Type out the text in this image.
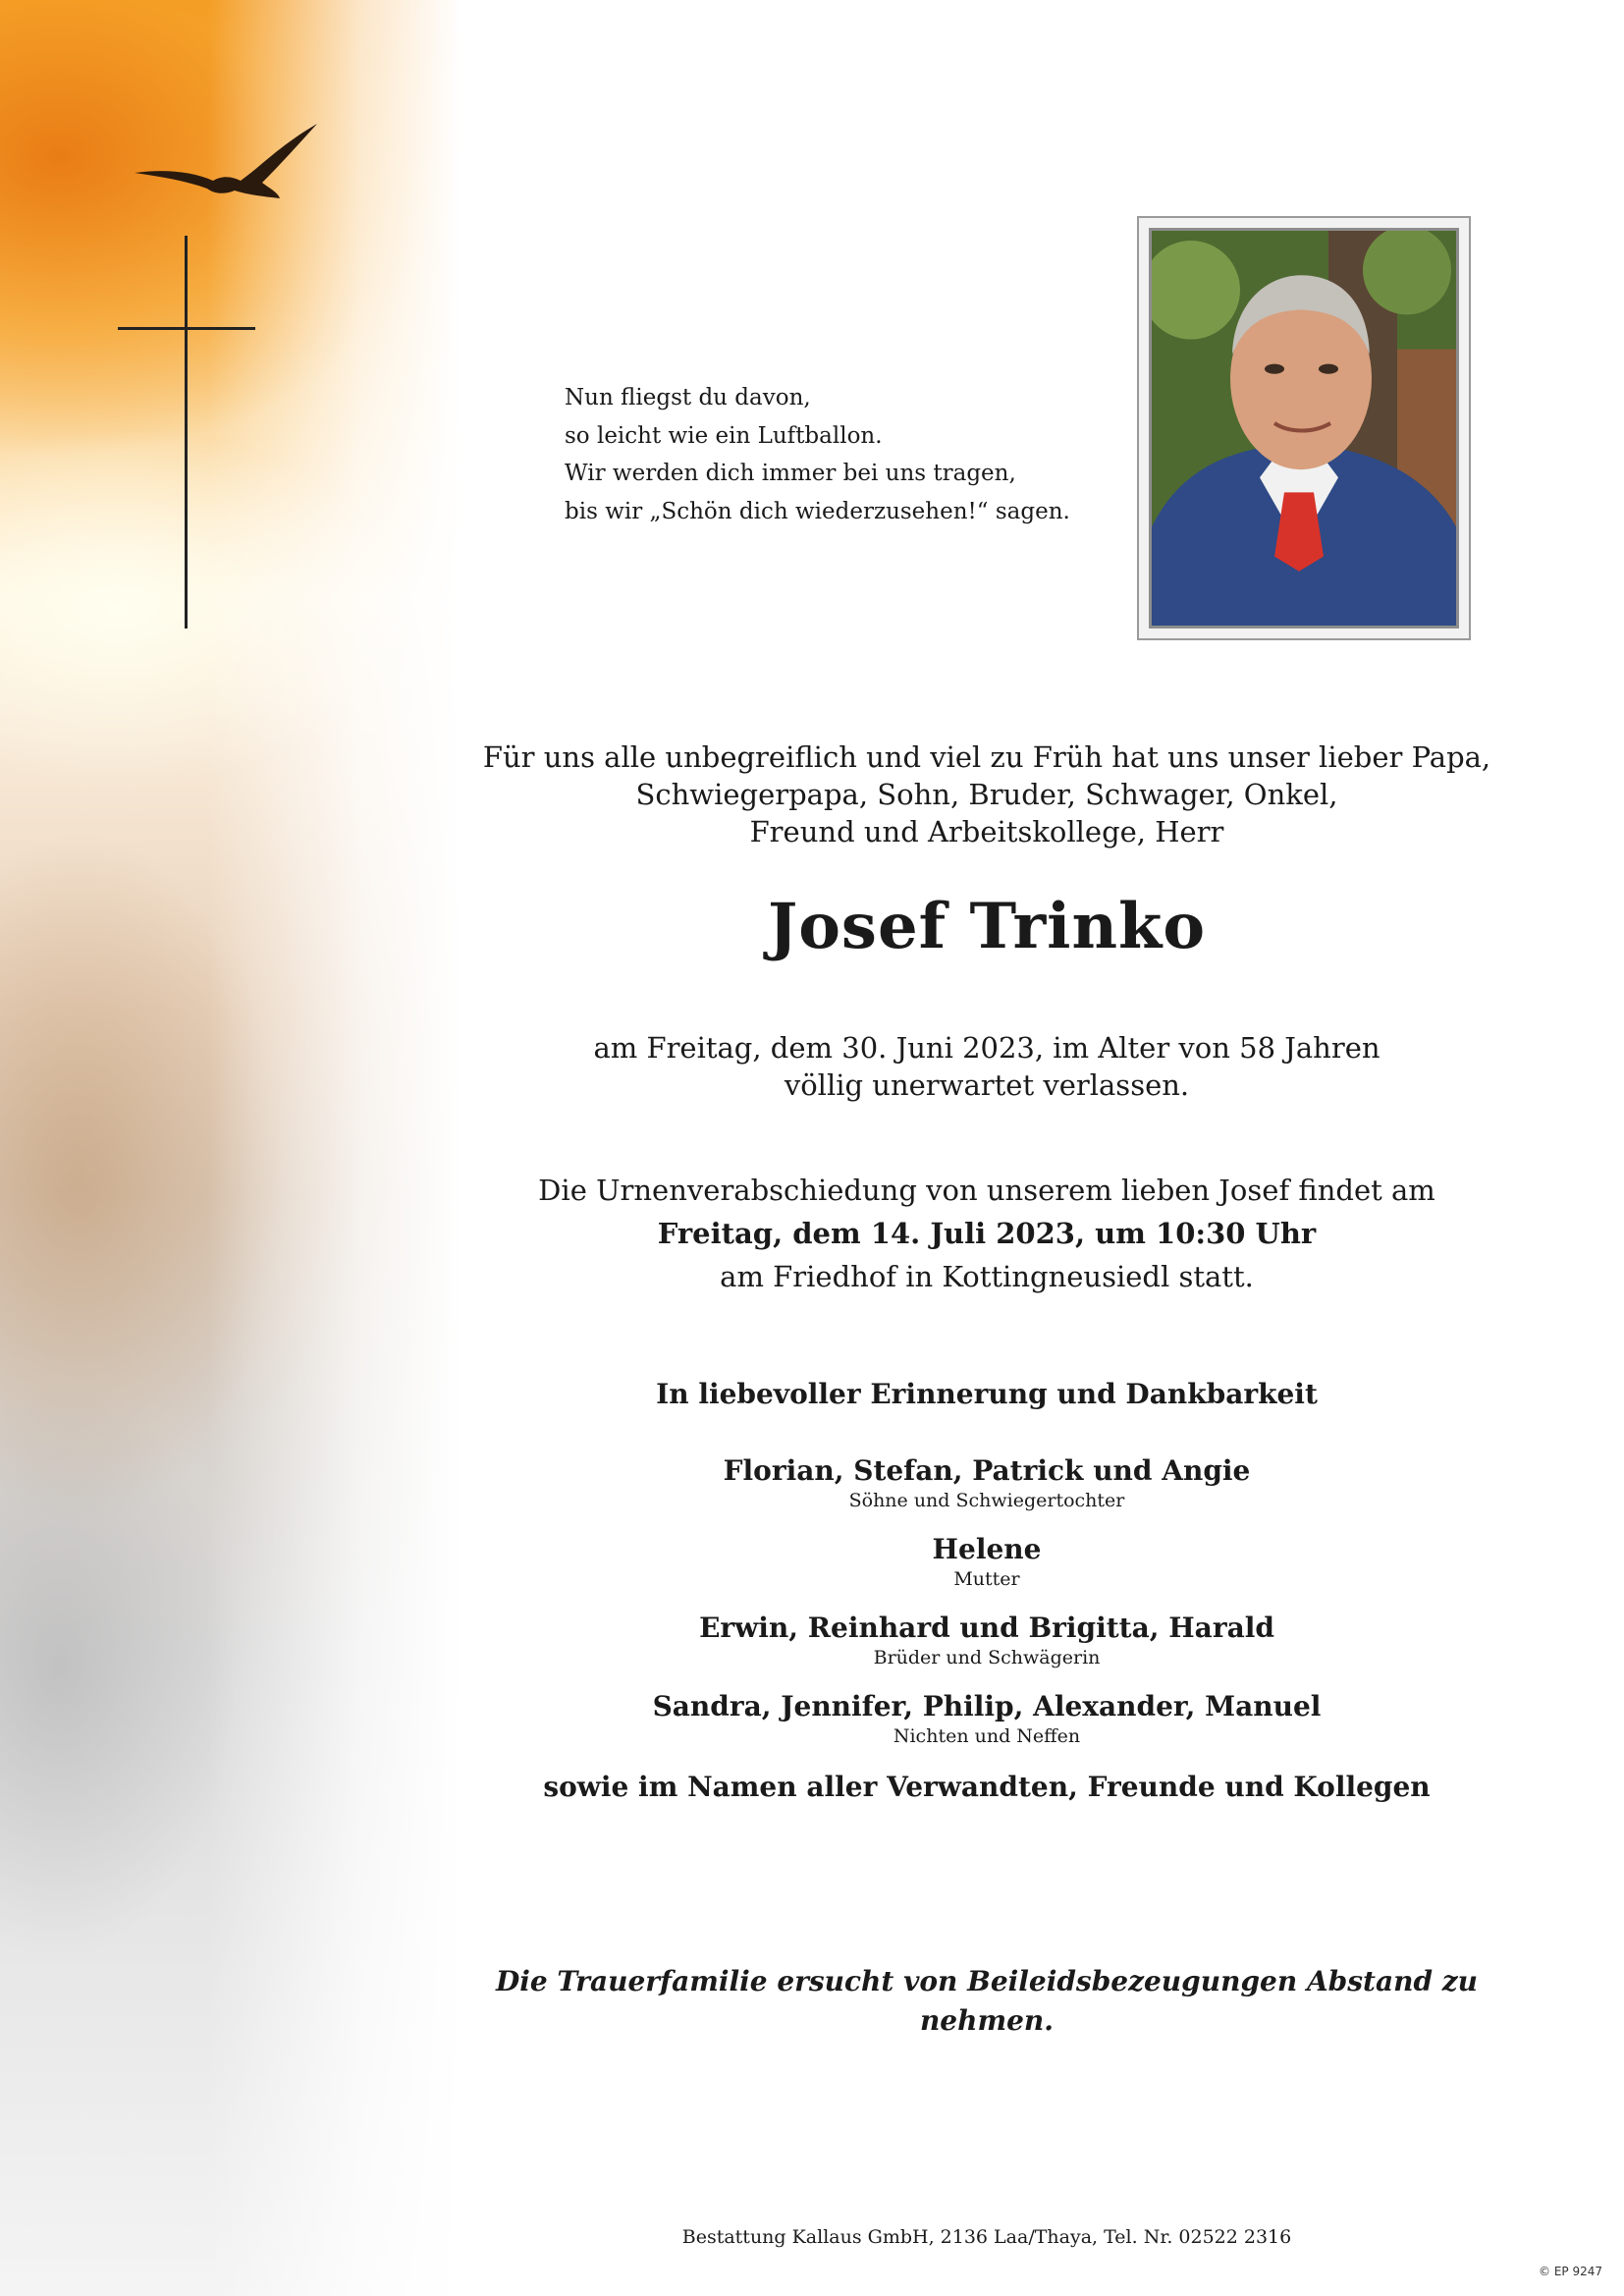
Nun fliegst du davon,
so leicht wie ein Luftballon.
Wir werden dich immer bei uns tragen,
bis wir „Schön dich wiederzusehen!“ sagen.
Für uns alle unbegreiflich und viel zu Früh hat uns unser lieber Papa,
Schwiegerpapa, Sohn, Bruder, Schwager, Onkel,
Freund und Arbeitskollege, Herr
Josef Trinko
am Freitag, dem 30. Juni 2023, im Alter von 58 Jahren
völlig unerwartet verlassen.
Die Urnenverabschiedung von unserem lieben Josef findet am
Freitag, dem 14. Juli 2023, um 10:30 Uhr
am Friedhof in Kottingneusiedl statt.
In liebevoller Erinnerung und Dankbarkeit
Florian, Stefan, Patrick und Angie
Söhne und Schwiegertochter
Helene
Mutter
Erwin, Reinhard und Brigitta, Harald
Brüder und Schwägerin
Sandra, Jennifer, Philip, Alexander, Manuel
Nichten und Neffen
sowie im Namen aller Verwandten, Freunde und Kollegen
Die Trauerfamilie ersucht von Beileidsbezeugungen Abstand zu nehmen.
Bestattung Kallaus GmbH, 2136 Laa/Thaya, Tel. Nr. 02522 2316
© EP 9247
